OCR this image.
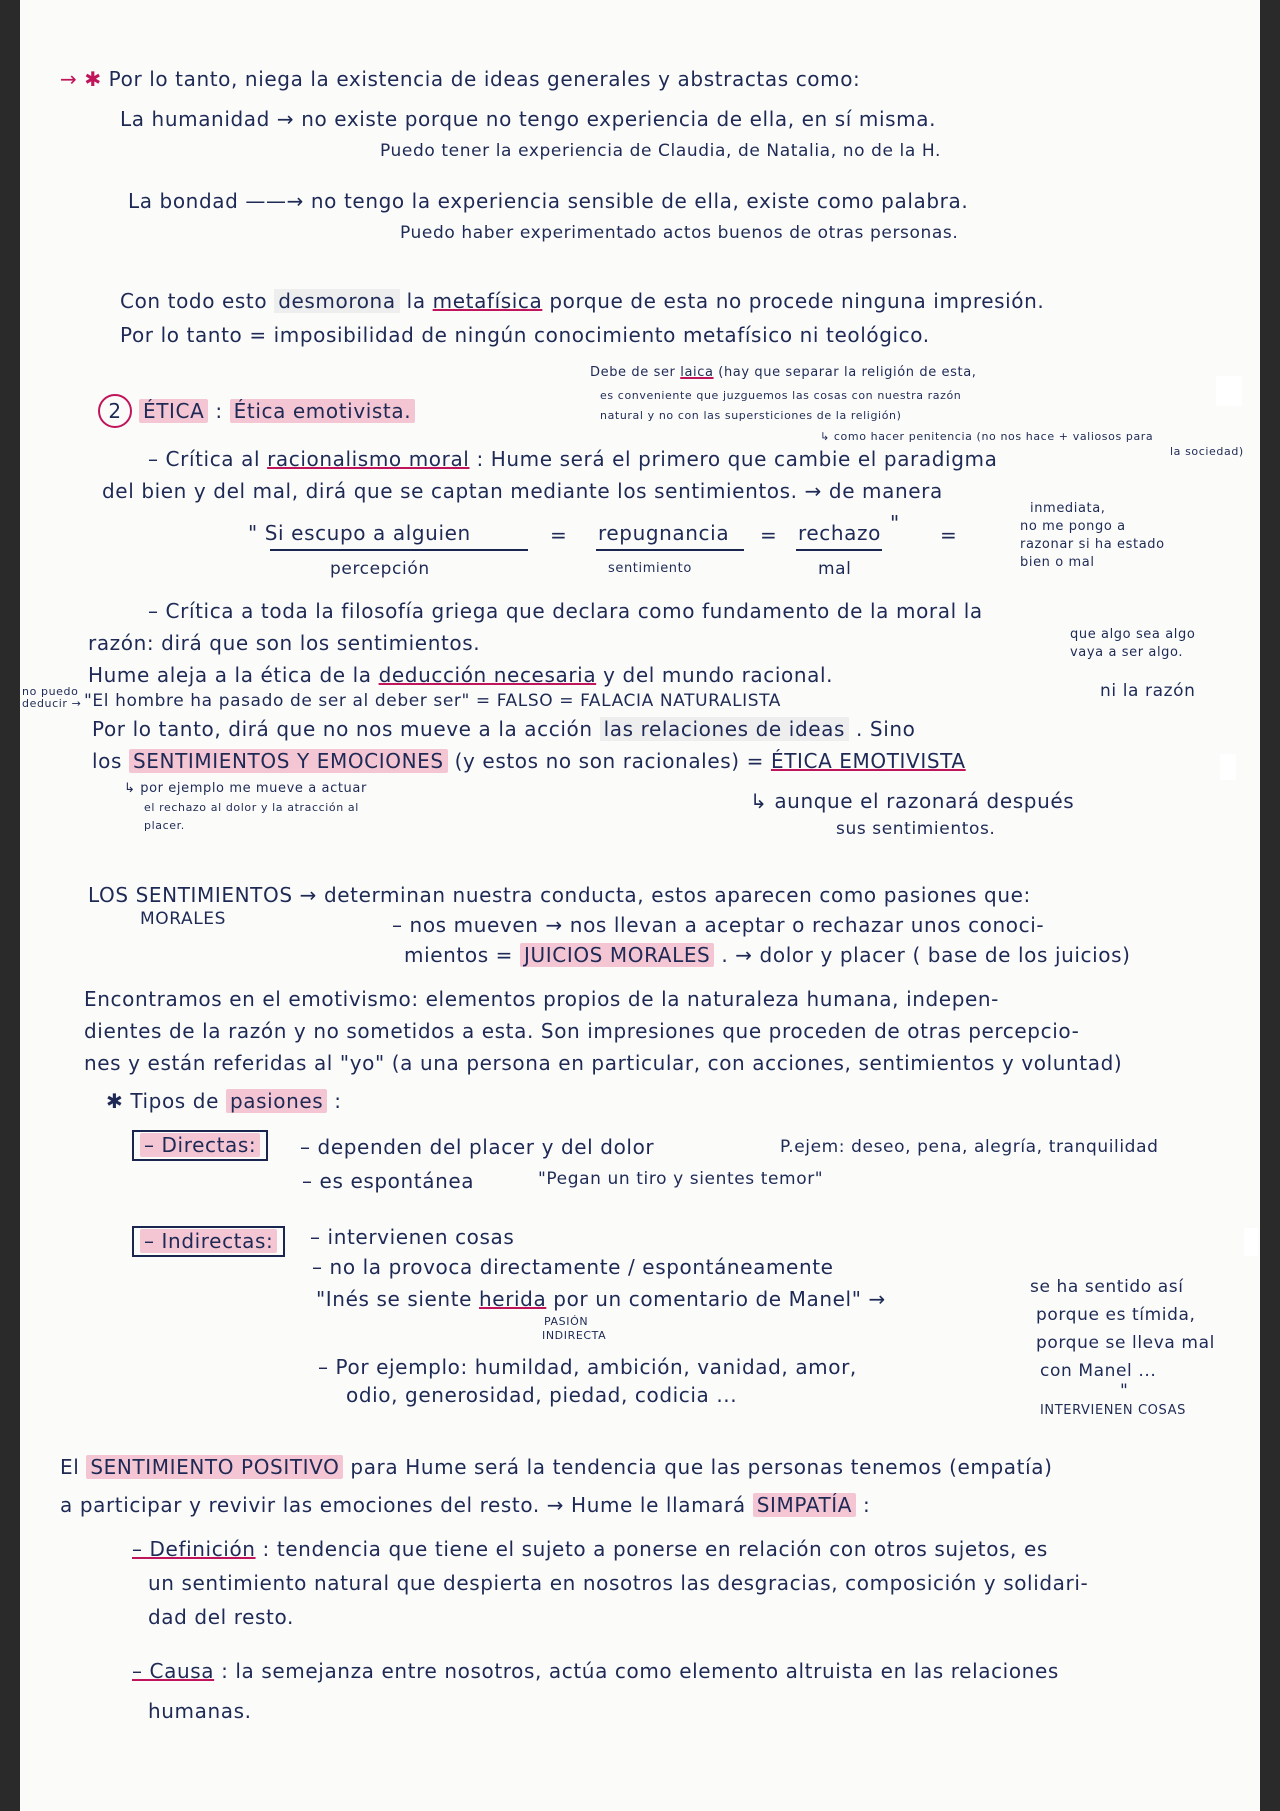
→ ✱ Por lo tanto, niega la existencia de ideas generales y abstractas como:
La humanidad → no existe porque no tengo experiencia de ella, en sí misma.
Puedo tener la experiencia de Claudia, de Natalia, no de la H.
La bondad ——→ no tengo la experiencia sensible de ella, existe como palabra.
Puedo haber experimentado actos buenos de otras personas.
Con todo esto desmorona la metafísica porque de esta no procede ninguna impresión.
Por lo tanto = imposibilidad de ningún conocimiento metafísico ni teológico.
Debe de ser laica (hay que separar la religión de esta,
es conveniente que juzguemos las cosas con nuestra razón
natural y no con las supersticiones de la religión)
↳ como hacer penitencia (no nos hace + valiosos para
la sociedad)
2 ÉTICA : Ética emotivista.
– Crítica al racionalismo moral : Hume será el primero que cambie el paradigma
del bien y del mal, dirá que se captan mediante los sentimientos. → de manera
inmediata,
no me pongo a
razonar si ha estado
bien o mal
" Si escupo a alguien	= repugnancia = rechazo " =
percepción	sentimiento	mal
– Crítica a toda la filosofía griega que declara como fundamento de la moral la
razón: dirá que son los sentimientos.	que algo sea algo
vaya a ser algo.
Hume aleja a la ética de la deducción necesaria y del mundo racional.
no puedo
deducir → "El hombre ha pasado de ser al deber ser" = FALSO = FALACIA NATURALISTA	ni la razón
Por lo tanto, dirá que no nos mueve a la acción las relaciones de ideas . Sino
los SENTIMIENTOS Y EMOCIONES (y estos no son racionales) = ÉTICA EMOTIVISTA
↳ por ejemplo me mueve a actuar
el rechazo al dolor y la atracción al
placer.
↳ aunque el razonará después
sus sentimientos.
LOS SENTIMIENTOS → determinan nuestra conducta, estos aparecen como pasiones que:
MORALES	– nos mueven → nos llevan a aceptar o rechazar unos conoci-
mientos = JUICIOS MORALES . → dolor y placer ( base de los juicios)
Encontramos en el emotivismo: elementos propios de la naturaleza humana, indepen-
dientes de la razón y no sometidos a esta. Son impresiones que proceden de otras percepcio-
nes y están referidas al "yo" (a una persona en particular, con acciones, sentimientos y voluntad)
✱ Tipos de pasiones :
– Directas:	– dependen del placer y del dolor	P.ejem: deseo, pena, alegría, tranquilidad
– es espontánea	"Pegan un tiro y sientes temor"
– Indirectas:	– intervienen cosas
– no la provoca directamente / espontáneamente
"Inés se siente herida por un comentario de Manel" →
PASIÓN
INDIRECTA
se ha sentido así
porque es tímida,
porque se lleva mal
con Manel ...
– Por ejemplo: humildad, ambición, vanidad, amor,
odio, generosidad, piedad, codicia ...	"
INTERVIENEN COSAS
El SENTIMIENTO POSITIVO para Hume será la tendencia que las personas tenemos (empatía)
a participar y revivir las emociones del resto. → Hume le llamará SIMPATÍA :
– Definición : tendencia que tiene el sujeto a ponerse en relación con otros sujetos, es
un sentimiento natural que despierta en nosotros las desgracias, composición y solidari-
dad del resto.
– Causa : la semejanza entre nosotros, actúa como elemento altruista en las relaciones
humanas.
